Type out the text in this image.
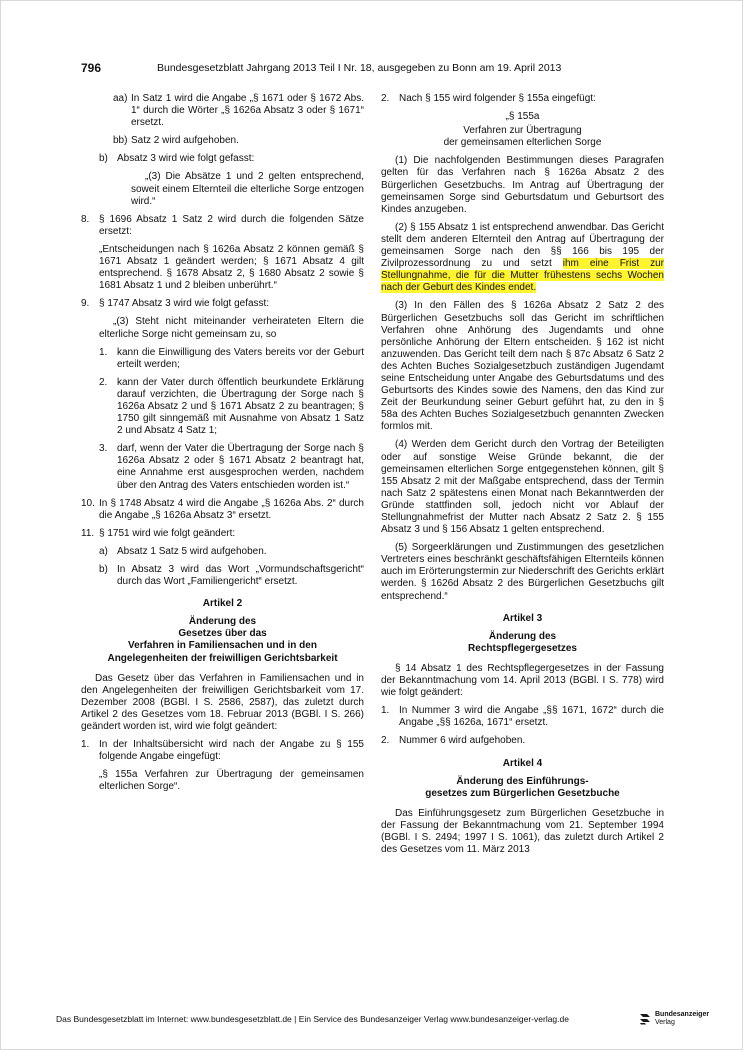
796	Bundesgesetzblatt Jahrgang 2013 Teil I Nr. 18, ausgegeben zu Bonn am 19. April 2013
aa) In Satz 1 wird die Angabe „§ 1671 oder § 1672 Abs. 1“ durch die Wörter „§ 1626a Absatz 3 oder § 1671“ ersetzt.
bb) Satz 2 wird aufgehoben.
b) Absatz 3 wird wie folgt gefasst:
„(3) Die Absätze 1 und 2 gelten entsprechend, soweit einem Elternteil die elterliche Sorge entzogen wird.“
8. § 1696 Absatz 1 Satz 2 wird durch die folgenden Sätze ersetzt:
„Entscheidungen nach § 1626a Absatz 2 können gemäß § 1671 Absatz 1 geändert werden; § 1671 Absatz 4 gilt entsprechend. § 1678 Absatz 2, § 1680 Absatz 2 sowie § 1681 Absatz 1 und 2 bleiben unberührt.“
9. § 1747 Absatz 3 wird wie folgt gefasst:
„(3) Steht nicht miteinander verheirateten Eltern die elterliche Sorge nicht gemeinsam zu, so
1. kann die Einwilligung des Vaters bereits vor der Geburt erteilt werden;
2. kann der Vater durch öffentlich beurkundete Erklärung darauf verzichten, die Übertragung der Sorge nach § 1626a Absatz 2 und § 1671 Absatz 2 zu beantragen; § 1750 gilt sinngemäß mit Ausnahme von Absatz 1 Satz 2 und Absatz 4 Satz 1;
3. darf, wenn der Vater die Übertragung der Sorge nach § 1626a Absatz 2 oder § 1671 Absatz 2 beantragt hat, eine Annahme erst ausgesprochen werden, nachdem über den Antrag des Vaters entschieden worden ist.“
10. In § 1748 Absatz 4 wird die Angabe „§ 1626a Abs. 2“ durch die Angabe „§ 1626a Absatz 3“ ersetzt.
11. § 1751 wird wie folgt geändert:
a) Absatz 1 Satz 5 wird aufgehoben.
b) In Absatz 3 wird das Wort „Vormundschaftsgericht“ durch das Wort „Familiengericht“ ersetzt.
Artikel 2
Änderung des
Gesetzes über das
Verfahren in Familiensachen und in den
Angelegenheiten der freiwilligen Gerichtsbarkeit
Das Gesetz über das Verfahren in Familiensachen und in den Angelegenheiten der freiwilligen Gerichtsbarkeit vom 17. Dezember 2008 (BGBl. I S. 2586, 2587), das zuletzt durch Artikel 2 des Gesetzes vom 18. Februar 2013 (BGBl. I S. 266) geändert worden ist, wird wie folgt geändert:
1. In der Inhaltsübersicht wird nach der Angabe zu § 155 folgende Angabe eingefügt:
„§ 155a Verfahren zur Übertragung der gemeinsamen elterlichen Sorge“.
2. Nach § 155 wird folgender § 155a eingefügt:
„§ 155a
Verfahren zur Übertragung
der gemeinsamen elterlichen Sorge
(1) Die nachfolgenden Bestimmungen dieses Paragrafen gelten für das Verfahren nach § 1626a Absatz 2 des Bürgerlichen Gesetzbuchs. Im Antrag auf Übertragung der gemeinsamen Sorge sind Geburtsdatum und Geburtsort des Kindes anzugeben.
(2) § 155 Absatz 1 ist entsprechend anwendbar. Das Gericht stellt dem anderen Elternteil den Antrag auf Übertragung der gemeinsamen Sorge nach den §§ 166 bis 195 der Zivilprozessordnung zu und setzt ihm eine Frist zur Stellungnahme, die für die Mutter frühestens sechs Wochen nach der Geburt des Kindes endet.
(3) In den Fällen des § 1626a Absatz 2 Satz 2 des Bürgerlichen Gesetzbuchs soll das Gericht im schriftlichen Verfahren ohne Anhörung des Jugendamts und ohne persönliche Anhörung der Eltern entscheiden. § 162 ist nicht anzuwenden. Das Gericht teilt dem nach § 87c Absatz 6 Satz 2 des Achten Buches Sozialgesetzbuch zuständigen Jugendamt seine Entscheidung unter Angabe des Geburtsdatums und des Geburtsorts des Kindes sowie des Namens, den das Kind zur Zeit der Beurkundung seiner Geburt geführt hat, zu den in § 58a des Achten Buches Sozialgesetzbuch genannten Zwecken formlos mit.
(4) Werden dem Gericht durch den Vortrag der Beteiligten oder auf sonstige Weise Gründe bekannt, die der gemeinsamen elterlichen Sorge entgegenstehen können, gilt § 155 Absatz 2 mit der Maßgabe entsprechend, dass der Termin nach Satz 2 spätestens einen Monat nach Bekanntwerden der Gründe stattfinden soll, jedoch nicht vor Ablauf der Stellungnahmefrist der Mutter nach Absatz 2 Satz 2. § 155 Absatz 3 und § 156 Absatz 1 gelten entsprechend.
(5) Sorgeerklärungen und Zustimmungen des gesetzlichen Vertreters eines beschränkt geschäftsfähigen Elternteils können auch im Erörterungstermin zur Niederschrift des Gerichts erklärt werden. § 1626d Absatz 2 des Bürgerlichen Gesetzbuchs gilt entsprechend.“
Artikel 3
Änderung des
Rechtspflegergesetzes
§ 14 Absatz 1 des Rechtspflegergesetzes in der Fassung der Bekanntmachung vom 14. April 2013 (BGBl. I S. 778) wird wie folgt geändert:
1. In Nummer 3 wird die Angabe „§§ 1671, 1672“ durch die Angabe „§§ 1626a, 1671“ ersetzt.
2. Nummer 6 wird aufgehoben.
Artikel 4
Änderung des Einführungs-
gesetzes zum Bürgerlichen Gesetzbuche
Das Einführungsgesetz zum Bürgerlichen Gesetzbuche in der Fassung der Bekanntmachung vom 21. September 1994 (BGBl. I S. 2494; 1997 I S. 1061), das zuletzt durch Artikel 2 des Gesetzes vom 11. März 2013
Das Bundesgesetzblatt im Internet: www.bundesgesetzblatt.de | Ein Service des Bundesanzeiger Verlag www.bundesanzeiger-verlag.de	Bundesanzeiger
Verlag
